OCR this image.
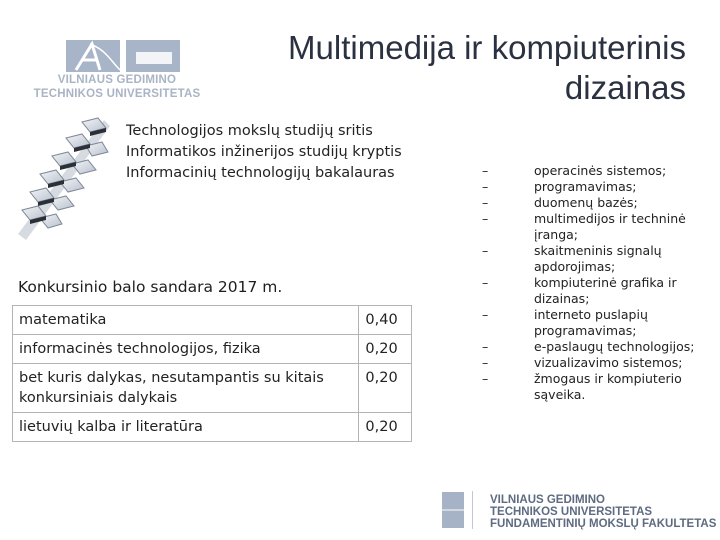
VILNIAUS GEDIMINO
TECHNIKOS UNIVERSITETAS
Multimedija ir kompiuterinis
dizainas
Technologijos mokslų studijų sritis
Informatikos inžinerijos studijų kryptis
Informacinių technologijų bakalauras
Konkursinio balo sandara 2017 m.
matematika	0,40
informacinės technologijos, fizika	0,20
bet kuris dalykas, nesutampantis su kitais konkursiniais dalykais	0,20
lietuvių kalba ir literatūra	0,20
–	operacinės sistemos;
–	programavimas;
–	duomenų bazės;
–	multimedijos ir techninė įranga;
–	skaitmeninis signalų apdorojimas;
–	kompiuterinė grafika ir dizainas;
–	interneto puslapių programavimas;
–	e-paslaugų technologijos;
–	vizualizavimo sistemos;
–	žmogaus ir kompiuterio sąveika.
VILNIAUS GEDIMINO
TECHNIKOS UNIVERSITETAS
FUNDAMENTINIŲ MOKSLŲ FAKULTETAS
